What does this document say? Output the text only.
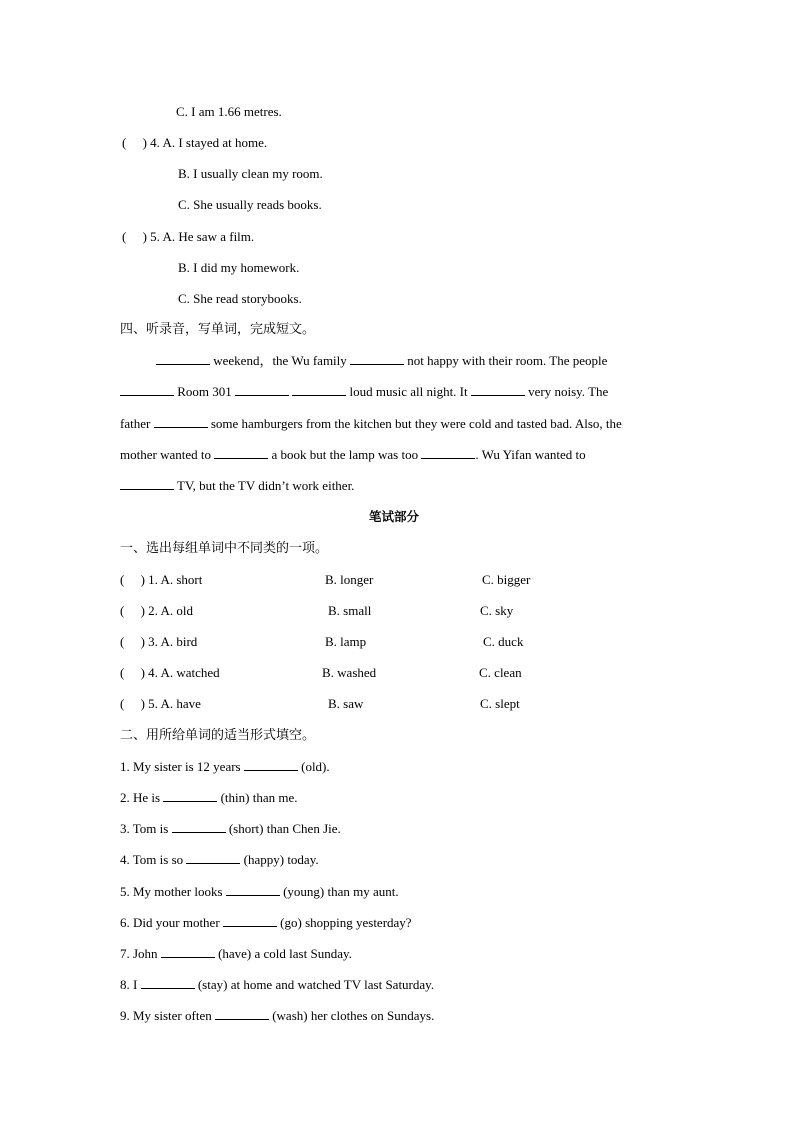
C. I am 1.66 metres.
(　 ) 4. A. I stayed at home.
B. I usually clean my room.
C. She usually reads books.
(　 ) 5. A. He saw a film.
B. I did my homework.
C. She read storybooks.
四、听录音，写单词，完成短文。
weekend，the Wu family	not happy with their room. The people
Room 301	loud music all night. It	very noisy. The
father	some hamburgers from the kitchen but they were cold and tasted bad. Also, the
mother wanted to	a book but the lamp was too	. Wu Yifan wanted to
TV, but the TV didn’t work either.
笔试部分
一、选出每组单词中不同类的一项。
(　 ) 1. A. short	B. longer	C. bigger
(　 ) 2. A. old	B. small	C. sky
(　 ) 3. A. bird	B. lamp	C. duck
(　 ) 4. A. watched	B. washed	C. clean
(　 ) 5. A. have	B. saw	C. slept
二、用所给单词的适当形式填空。
1. My sister is 12 years	(old).
2. He is	(thin) than me.
3. Tom is	(short) than Chen Jie.
4. Tom is so	(happy) today.
5. My mother looks	(young) than my aunt.
6. Did your mother	(go) shopping yesterday?
7. John	(have) a cold last Sunday.
8. I	(stay) at home and watched TV last Saturday.
9. My sister often	(wash) her clothes on Sundays.
